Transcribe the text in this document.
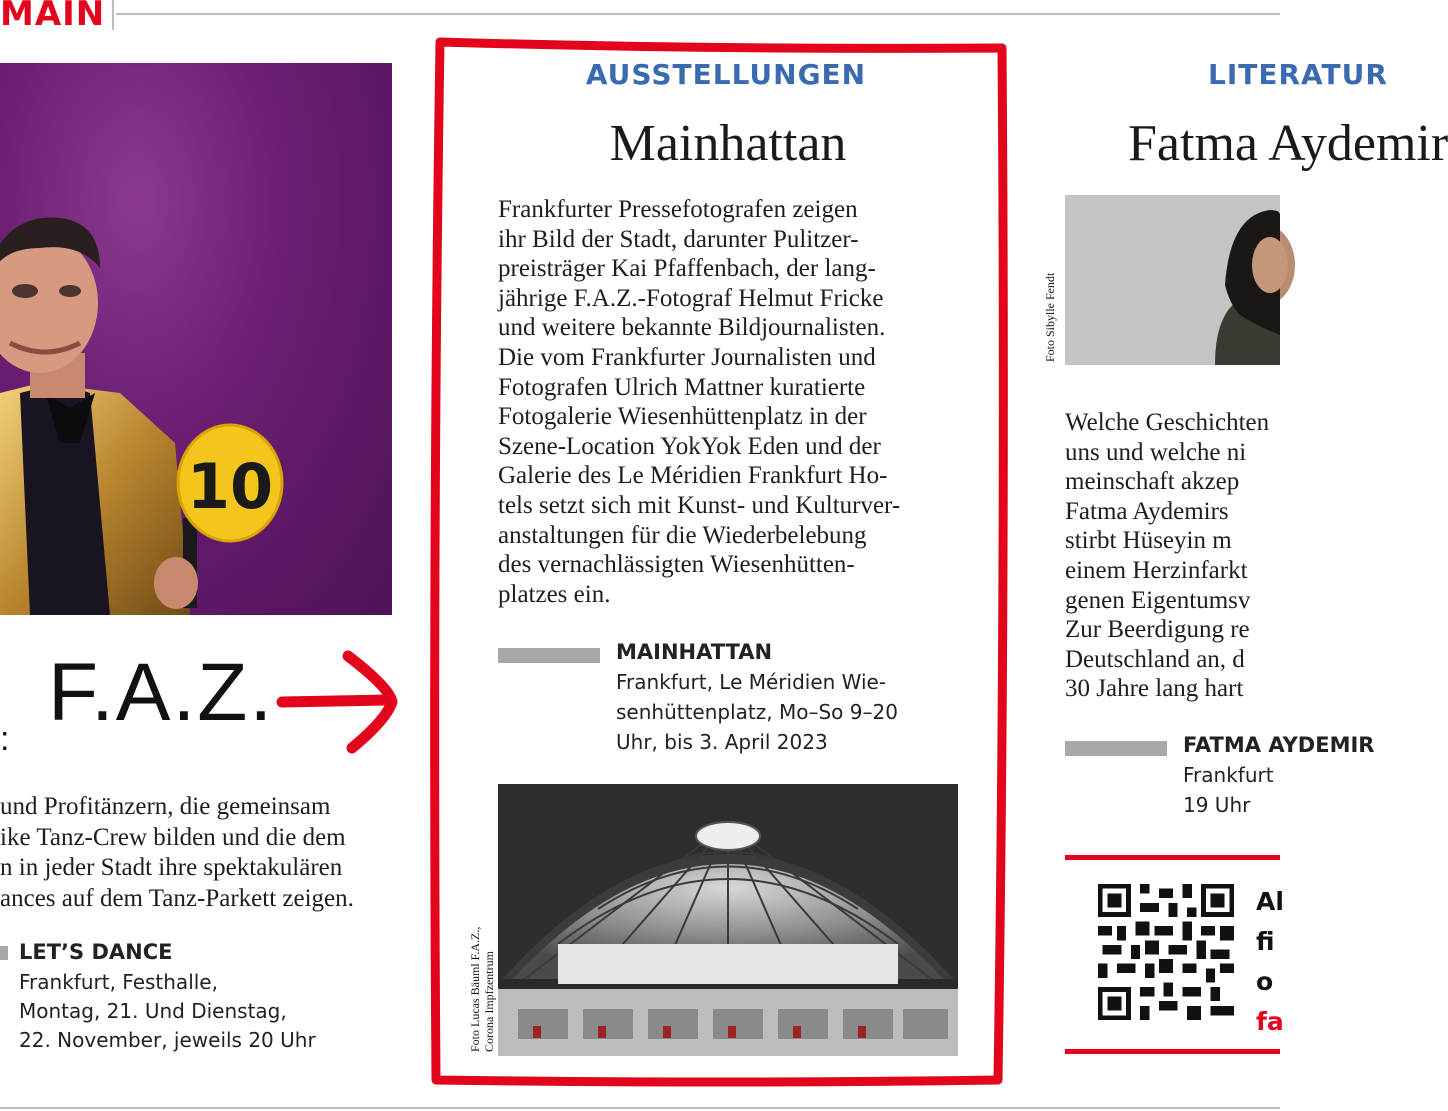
MAIN
10
F.A.Z.
:
und Profitänzern, die gemeinsam
ike Tanz-Crew bilden und die dem
n in jeder Stadt ihre spektakulären
ances auf dem Tanz-Parkett zeigen.
LET’S DANCE
Frankfurt, Festhalle,
Montag, 21. Und Dienstag,
22. November, jeweils 20 Uhr
AUSSTELLUNGEN
Mainhattan
Frankfurter Pressefotografen zeigen
ihr Bild der Stadt, darunter Pulitzer-
preisträger Kai Pfaffenbach, der lang-
jährige F.A.Z.-Fotograf Helmut Fricke
und weitere bekannte Bildjournalisten.
Die vom Frankfurter Journalisten und
Fotografen Ulrich Mattner kuratierte
Fotogalerie Wiesenhüttenplatz in der
Szene-Location YokYok Eden und der
Galerie des Le Méridien Frankfurt Ho-
tels setzt sich mit Kunst- und Kulturver-
anstaltungen für die Wiederbelebung
des vernachlässigten Wiesenhütten-
platzes ein.
MAINHATTAN
Frankfurt, Le Méridien Wie-
senhüttenplatz, Mo–So 9–20
Uhr, bis 3. April 2023
Foto Lucas Bäuml F.A.Z.,
Corona Impfzentrum
LITERATUR
Fatma Aydemir
Foto Sibylle Fendt
Welche Geschichten
uns und welche ni
meinschaft akzep
Fatma Aydemirs
stirbt Hüseyin m
einem Herzinfarkt
genen Eigentumsv
Zur Beerdigung re
Deutschland an, d
30 Jahre lang hart
FATMA AYDEMIR
Frankfurt
19 Uhr
Al
fi
o
fa
